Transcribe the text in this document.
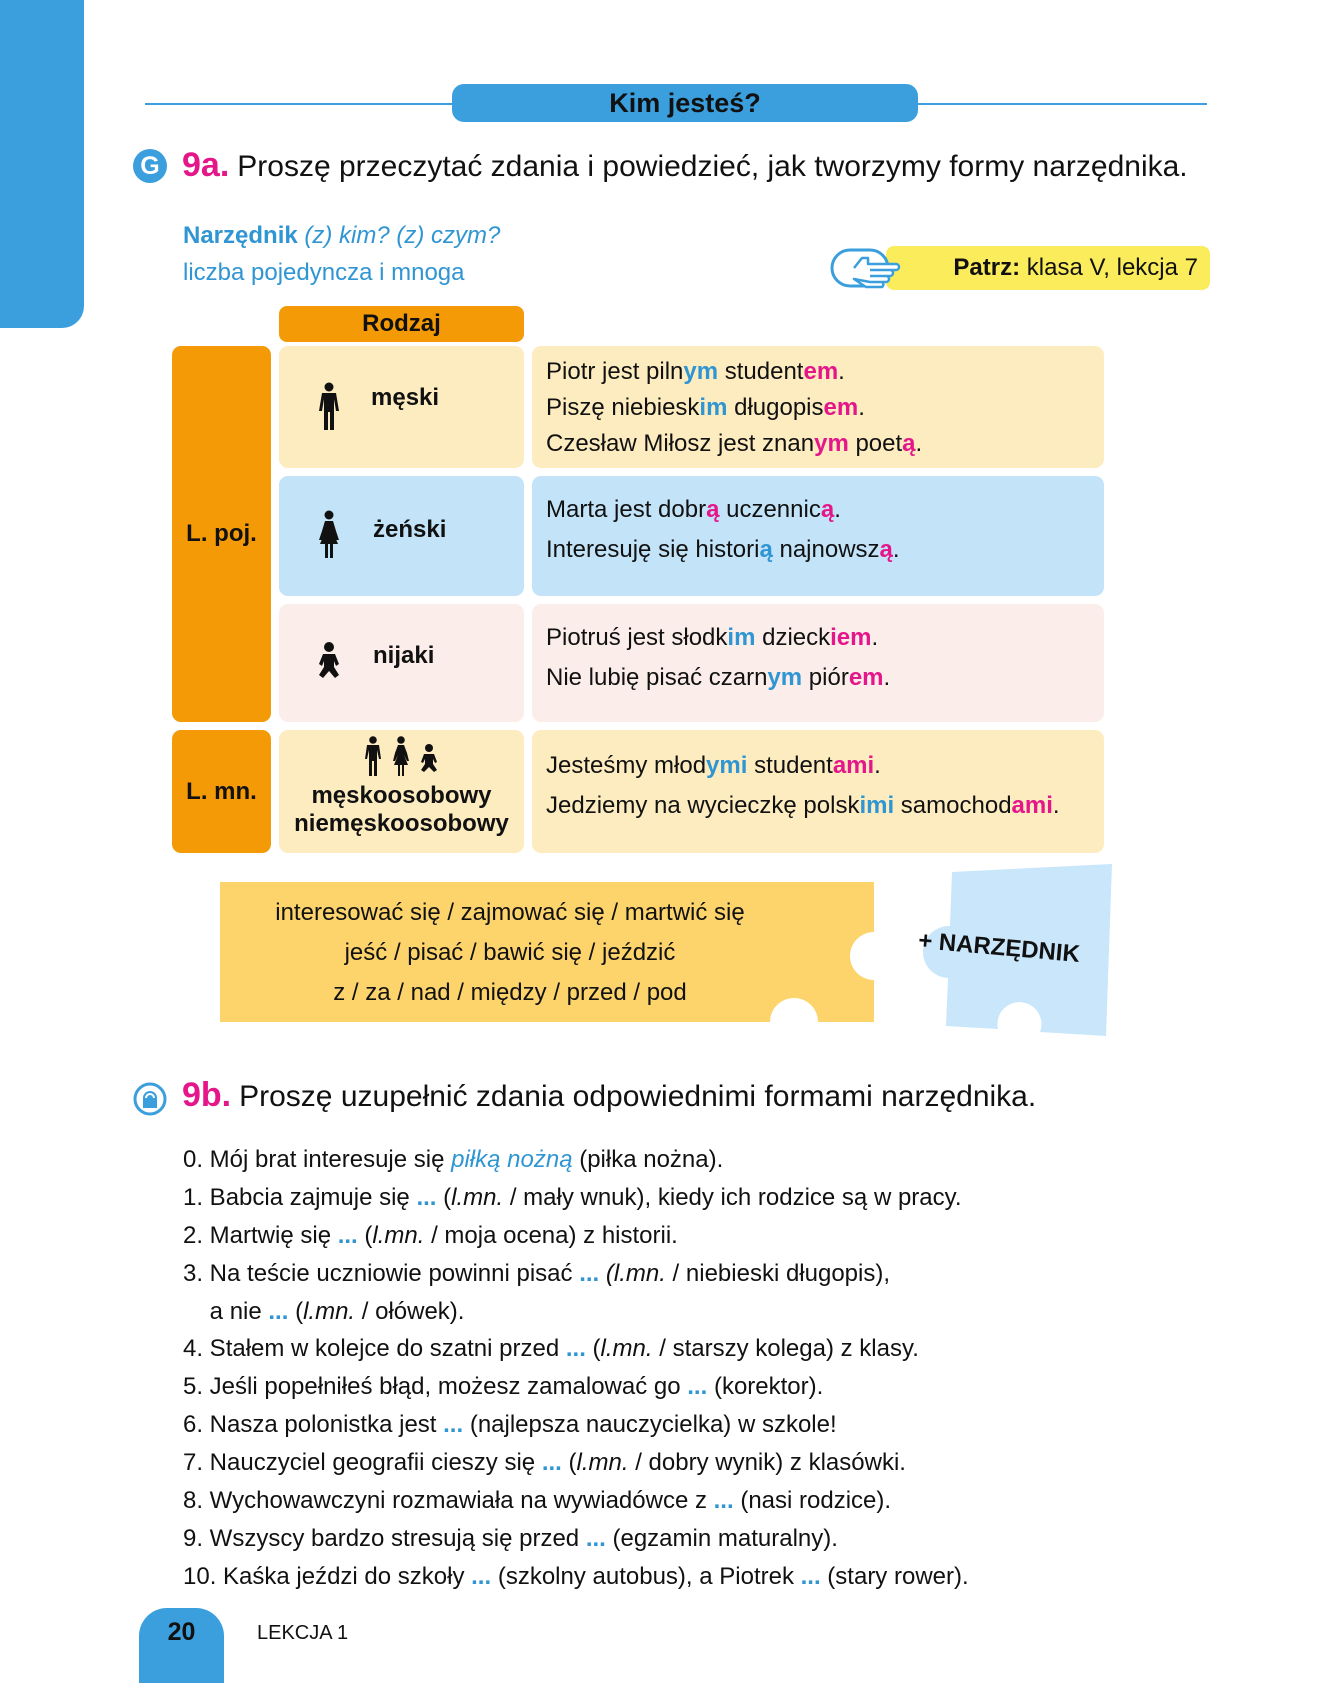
Kim jesteś?
G 9a. Proszę przeczytać zdania i powiedzieć, jak tworzymy formy narzędnika.
Narzędnik (z) kim? (z) czym?
liczba pojedyncza i mnoga	Patrz: klasa V, lekcja 7
Rodzaj
L. poj.
L. mn.
męski

Piotr jest pilnym studentem.

Piszę niebieskim długopisem.

Czesław Miłosz jest znanym poetą.

żeński

Marta jest dobrą uczennicą.

Interesuję się historią najnowszą.

nijaki

Piotruś jest słodkim dzieckiem.

Nie lubię pisać czarnym piórem.

męskoosobowy
niemęskoosobowy

Jesteśmy młodymi studentami.

Jedziemy na wycieczkę polskimi samochodami.

interesować się / zajmować się / martwić się
jeść / pisać / bawić się / jeździć
z / za / nad / między / przed / pod
+ NARZĘDNIK
9b. Proszę uzupełnić zdania odpowiednimi formami narzędnika.
0. Mój brat interesuje się piłką nożną (piłka nożna).
1. Babcia zajmuje się ... (l.mn. / mały wnuk), kiedy ich rodzice są w pracy.
2. Martwię się ... (l.mn. / moja ocena) z historii.
3. Na teście uczniowie powinni pisać ... (l.mn. / niebieski długopis),
a nie ... (l.mn. / ołówek).
4. Stałem w kolejce do szatni przed ... (l.mn. / starszy kolega) z klasy.
5. Jeśli popełniłeś błąd, możesz zamalować go ... (korektor).
6. Nasza polonistka jest ... (najlepsza nauczycielka) w szkole!
7. Nauczyciel geografii cieszy się ... (l.mn. / dobry wynik) z klasówki.
8. Wychowawczyni rozmawiała na wywiadówce z ... (nasi rodzice).
9. Wszyscy bardzo stresują się przed ... (egzamin maturalny).
10. Kaśka jeździ do szkoły ... (szkolny autobus), a Piotrek ... (stary rower).
20	LEKCJA 1
